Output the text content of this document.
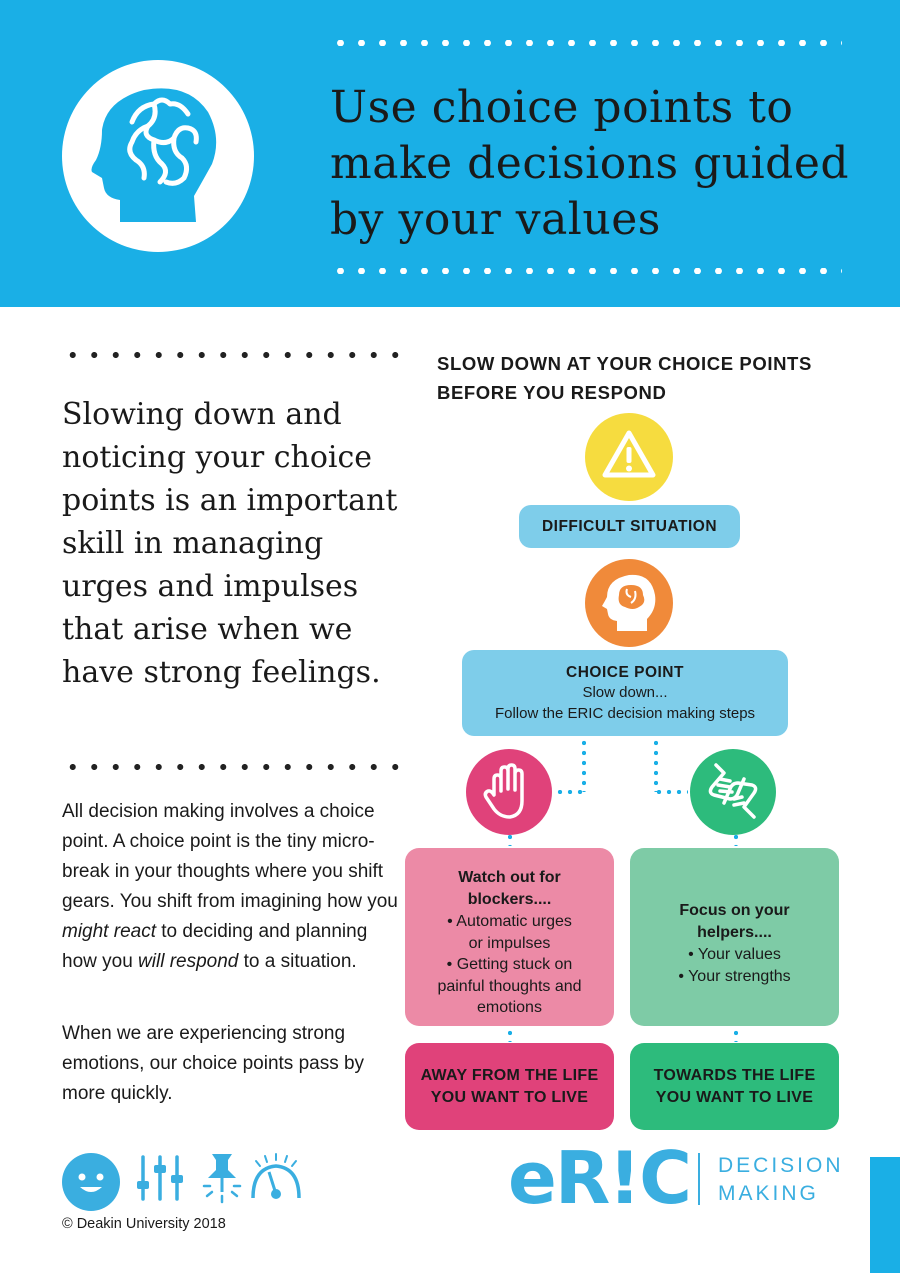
Use choice points to make decisions guided by your values

Slowing down and noticing your choice points is an important skill in managing urges and impulses that arise when we have strong feelings.

All decision making involves a choice point. A choice point is the tiny micro-break in your thoughts where you shift gears. You shift from imagining how you might react to deciding and planning how you will respond to a situation.

When we are experiencing strong emotions, our choice points pass by more quickly.

SLOW DOWN AT YOUR CHOICE POINTS
BEFORE YOU RESPOND
DIFFICULT SITUATION
CHOICE POINT
Slow down...
Follow the ERIC decision making steps
Watch out for
blockers....
• Automatic urges
or impulses
• Getting stuck on
painful thoughts and
emotions
Focus on your
helpers....
• Your values
• Your strengths
AWAY FROM THE LIFE
YOU WANT TO LIVE
TOWARDS THE LIFE
YOU WANT TO LIVE
© Deakin University 2018
eR!C DECISION
MAKING
